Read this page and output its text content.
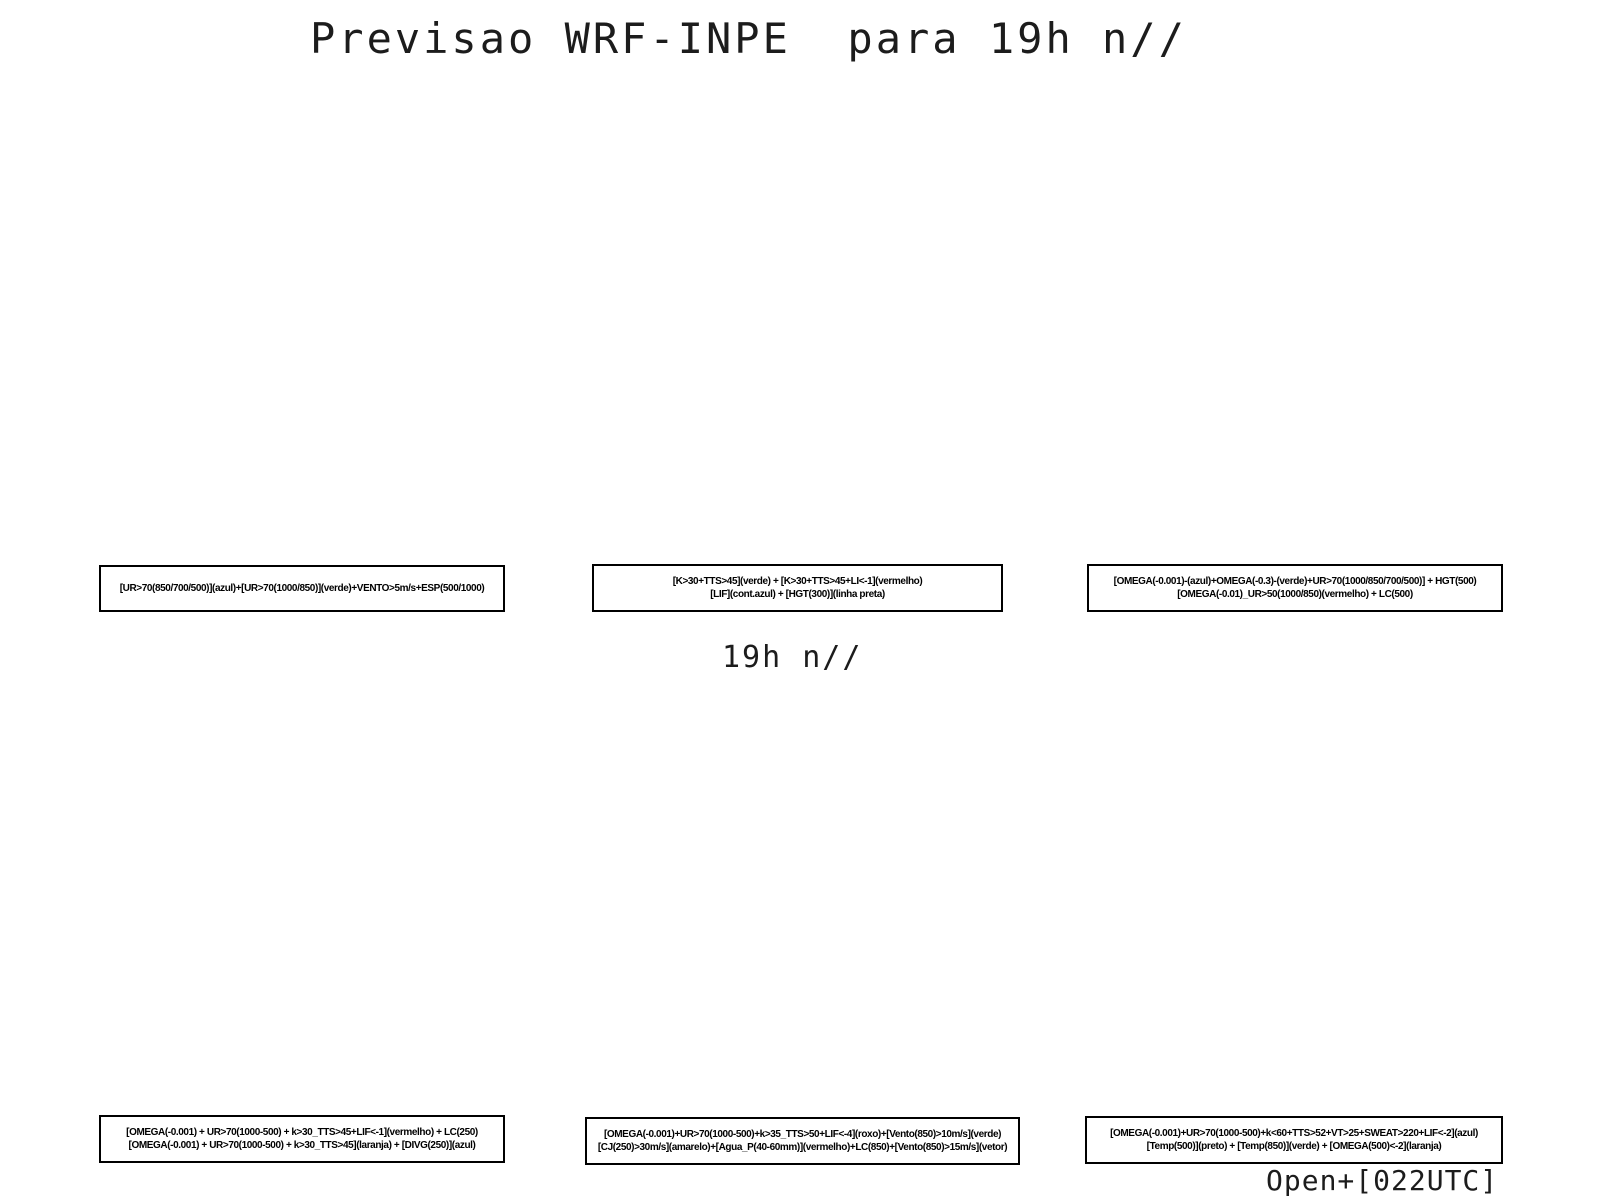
Previsao WRF-INPE  para 19h n//
[UR>70(850/700/500)](azul)+[UR>70(1000/850)](verde)+VENTO>5m/s+ESP(500/1000)
[K>30+TTS>45](verde) + [K>30+TTS>45+LI<-1](vermelho)
[LIF](cont.azul) + [HGT(300)](linha preta)
[OMEGA(-0.001)-(azul)+OMEGA(-0.3)-(verde)+UR>70(1000/850/700/500)] + HGT(500)
[OMEGA(-0.01)_UR>50(1000/850)(vermelho) + LC(500)
19h n//
[OMEGA(-0.001) + UR>70(1000-500) + k>30_TTS>45+LIF<-1](vermelho) + LC(250)
[OMEGA(-0.001) + UR>70(1000-500) + k>30_TTS>45](laranja) + [DIVG(250)](azul)
[OMEGA(-0.001)+UR>70(1000-500)+k>35_TTS>50+LIF<-4](roxo)+[Vento(850)>10m/s](verde)
[CJ(250)>30m/s](amarelo)+[Agua_P(40-60mm)](vermelho)+LC(850)+[Vento(850)>15m/s](vetor)
[OMEGA(-0.001)+UR>70(1000-500)+k<60+TTS>52+VT>25+SWEAT>220+LIF<-2](azul)
[Temp(500)](preto) + [Temp(850)](verde) + [OMEGA(500)<-2](laranja)
Open+[022UTC]
